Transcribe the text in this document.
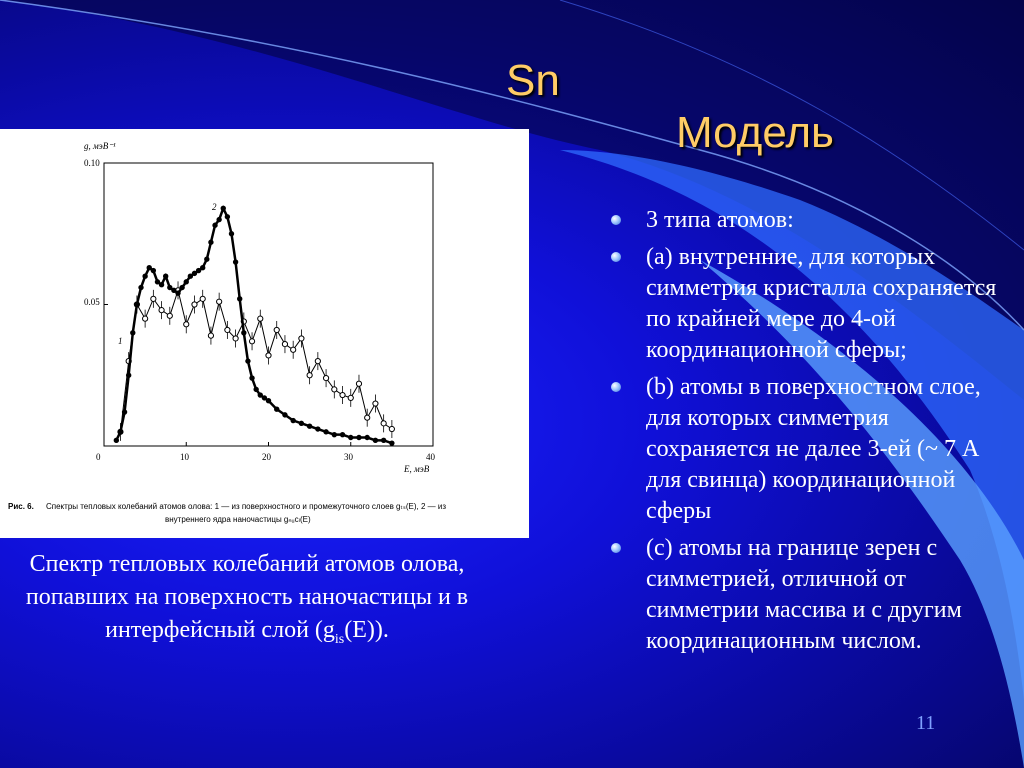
Sn
Модель
g, мэВ⁻¹
E, мэВ
0.10
0.05
0	10	20	30	40
1
2
Рис. 6. Спектры тепловых колебаний атомов олова: 1 — из поверхностного и промежуточного слоев gₜₛ(E), 2 — из
внутреннего ядра наночастицы gₙᵤcₗ(E)
Спектр тепловых колебаний атомов олова, попавших на поверхность наночастицы и в интерфейсный слой $(g_{is}(E))$.
3 типа атомов:
(a) внутренние, для которых симметрия кристалла сохраняется по крайней мере до 4-ой координационной сферы;
(b) атомы в поверхностном слое, для которых симметрия сохраняется не далее 3-ей (~ 7 А для свинца) координационной сферы
(c) атомы на границе зерен с симметрией, отличной от симметрии массива и с другим координационным числом.
11
